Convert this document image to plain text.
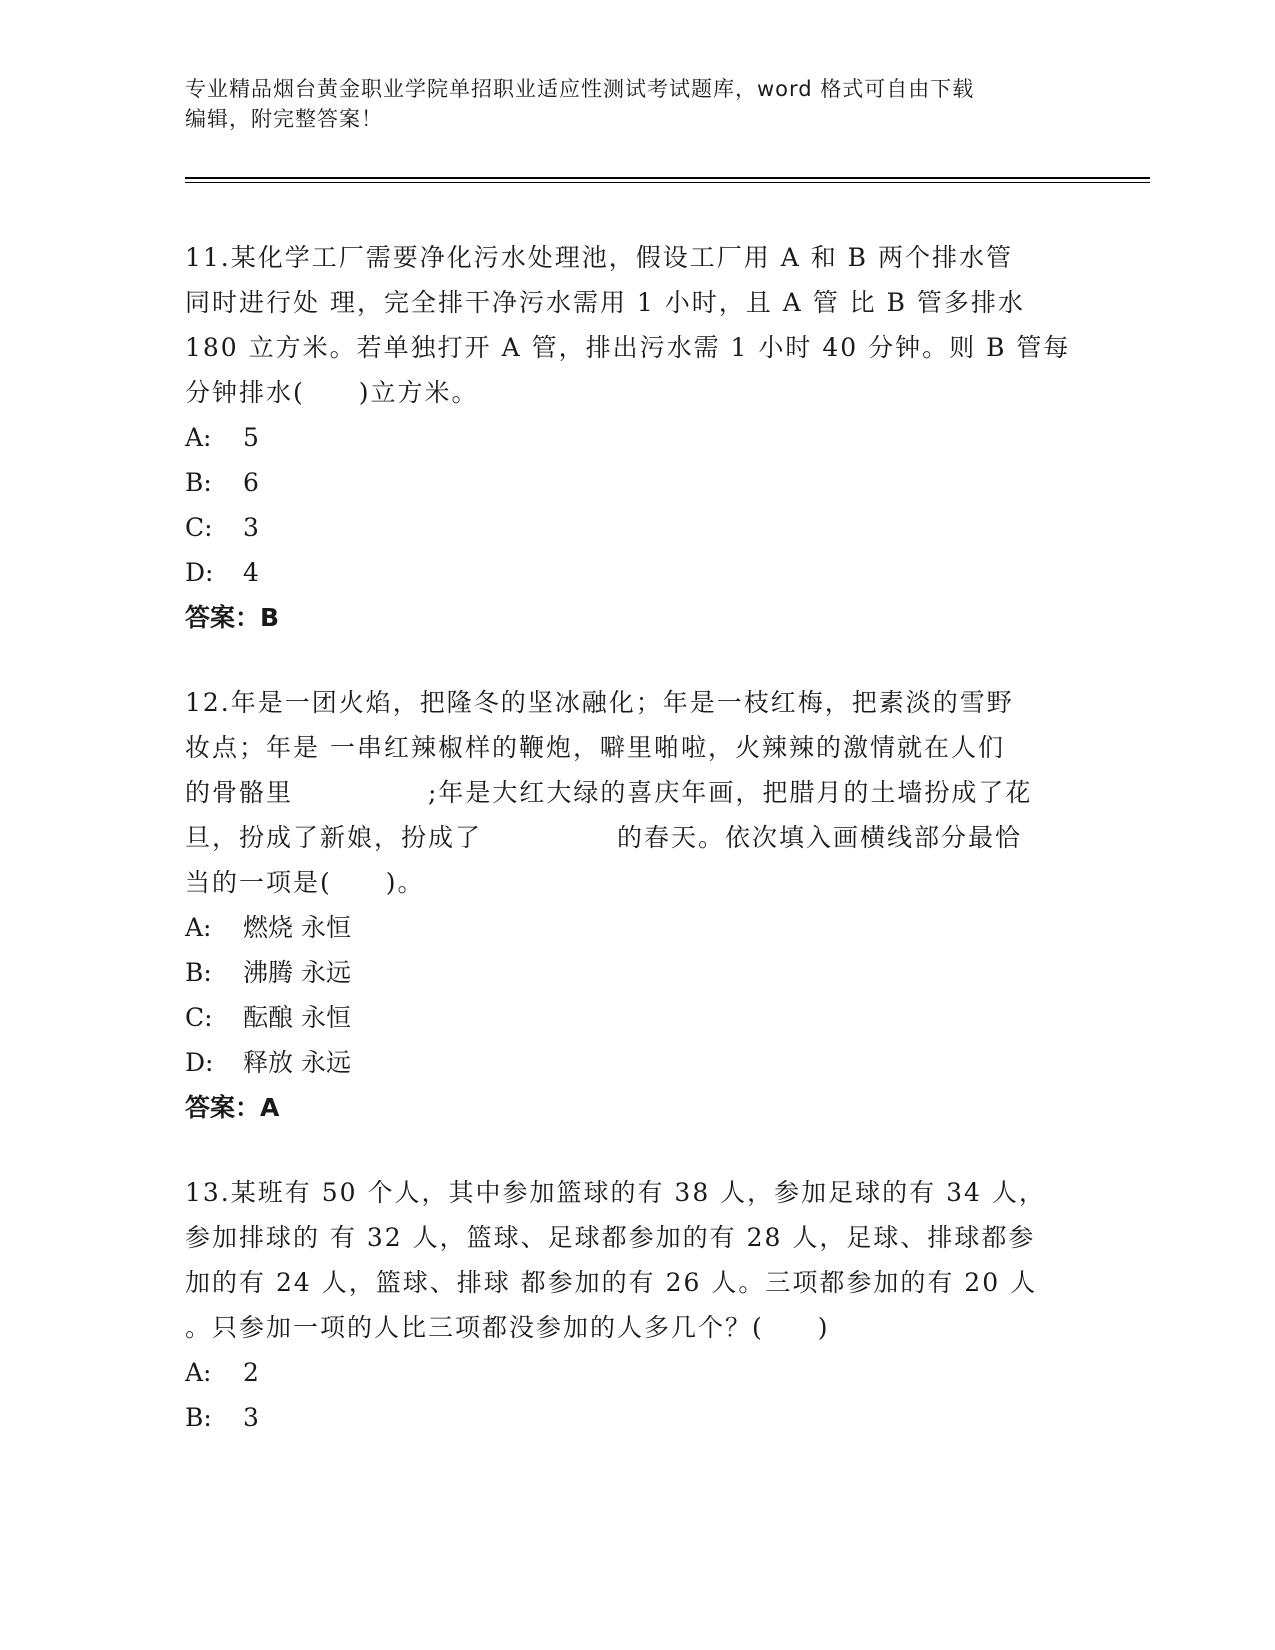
专业精品烟台黄金职业学院单招职业适应性测试考试题库，word 格式可自由下载
编辑，附完整答案！

11.某化学工厂需要净化污水处理池，假设工厂用 A 和 B 两个排水管

同时进行处 理，完全排干净污水需用 1 小时，且 A 管 比 B 管多排水

180 立方米。若单独打开 A 管，排出污水需 1 小时 40 分钟。则 B 管每

分钟排水(　　)立方米。

A:	5
B:	6
C:	3
D:	4

答案：B

12.年是一团火焰，把隆冬的坚冰融化；年是一枝红梅，把素淡的雪野

妆点；年是 一串红辣椒样的鞭炮，噼里啪啦，火辣辣的激情就在人们

的骨骼里　　　　　;年是大红大绿的喜庆年画，把腊月的土墙扮成了花

旦，扮成了新娘，扮成了　　　　　的春天。依次填入画横线部分最恰

当的一项是(　　)。

A:	燃烧 永恒
B:	沸腾 永远
C:	酝酿 永恒
D:	释放 永远

答案：A

13.某班有 50 个人，其中参加篮球的有 38 人，参加足球的有 34 人，

参加排球的 有 32 人，篮球、足球都参加的有 28 人，足球、排球都参

加的有 24 人，篮球、排球 都参加的有 26 人。三项都参加的有 20 人

。只参加一项的人比三项都没参加的人多几个？(　　)

A:	2
B:	3
